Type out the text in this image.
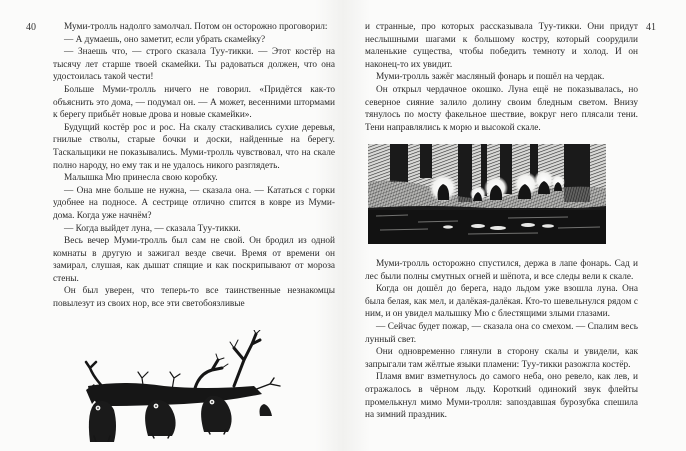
40	Муми-тролль надолго замолчал. Потом он осторожно проговорил:

— А думаешь, оно заметит, если убрать скамейку?

— Знаешь что, — строго сказала Туу-тикки. — Этот костёр на тысячу лет старше твоей скамейки. Ты радоваться должен, что она удостоилась такой чести!

Больше Муми-тролль ничего не говорил. «Придётся как-то объяснить это дома, — подумал он. — А может, весенними штормами к берегу прибьёт новые дрова и новые скамейки».

Будущий костёр рос и рос. На скалу стаскивались сухие деревья, гнилые стволы, старые бочки и доски, найденные на берегу. Таскальщики не показывались. Муми-тролль чувствовал, что на скале полно народу, но ему так и не удалось никого разглядеть.

Малышка Мю принесла свою коробку.

— Она мне больше не нужна, — сказала она. — Кататься с горки удобнее на подносе. А сестрице отлично спится в ковре из Муми-дома. Когда уже начнём?

— Когда выйдет луна, — сказала Туу-тикки.

Весь вечер Муми-тролль был сам не свой. Он бродил из одной комнаты в другую и зажигал везде свечи. Время от времени он замирал, слушая, как дышат спящие и как поскрипывают от мороза стены.

Он был уверен, что теперь-то все таинственные незнакомцы повылезут из своих нор, все эти светобоязливые

41

и странные, про которых рассказывала Туу-тикки. Они придут неслышными шагами к большому костру, который соорудили маленькие существа, чтобы победить темноту и холод. И он наконец-то их увидит.

Муми-тролль зажёг масляный фонарь и пошёл на чердак.

Он открыл чердачное окошко. Луна ещё не показывалась, но северное сияние залило долину своим бледным светом. Внизу тянулось по мосту факельное шествие, вокруг него плясали тени. Тени направлялись к морю и высокой скале.

Муми-тролль осторожно спустился, держа в лапе фонарь. Сад и лес были полны смутных огней и шёпота, и все следы вели к скале.

Когда он дошёл до берега, надо льдом уже взошла луна. Она была белая, как мел, и далёкая-далёкая. Кто-то шевельнулся рядом с ним, и он увидел малышку Мю с блестящими злыми глазами.

— Сейчас будет пожар, — сказала она со смехом. — Спалим весь лунный свет.

Они одновременно глянули в сторону скалы и увидели, как запрыгали там жёлтые языки пламени: Туу-тикки разожгла костёр.

Пламя вмиг взметнулось до самого неба, оно ревело, как лев, и отражалось в чёрном льду. Короткий одинокий звук флейты промелькнул мимо Муми-тролля: запоздавшая бурозубка спешила на зимний праздник.
